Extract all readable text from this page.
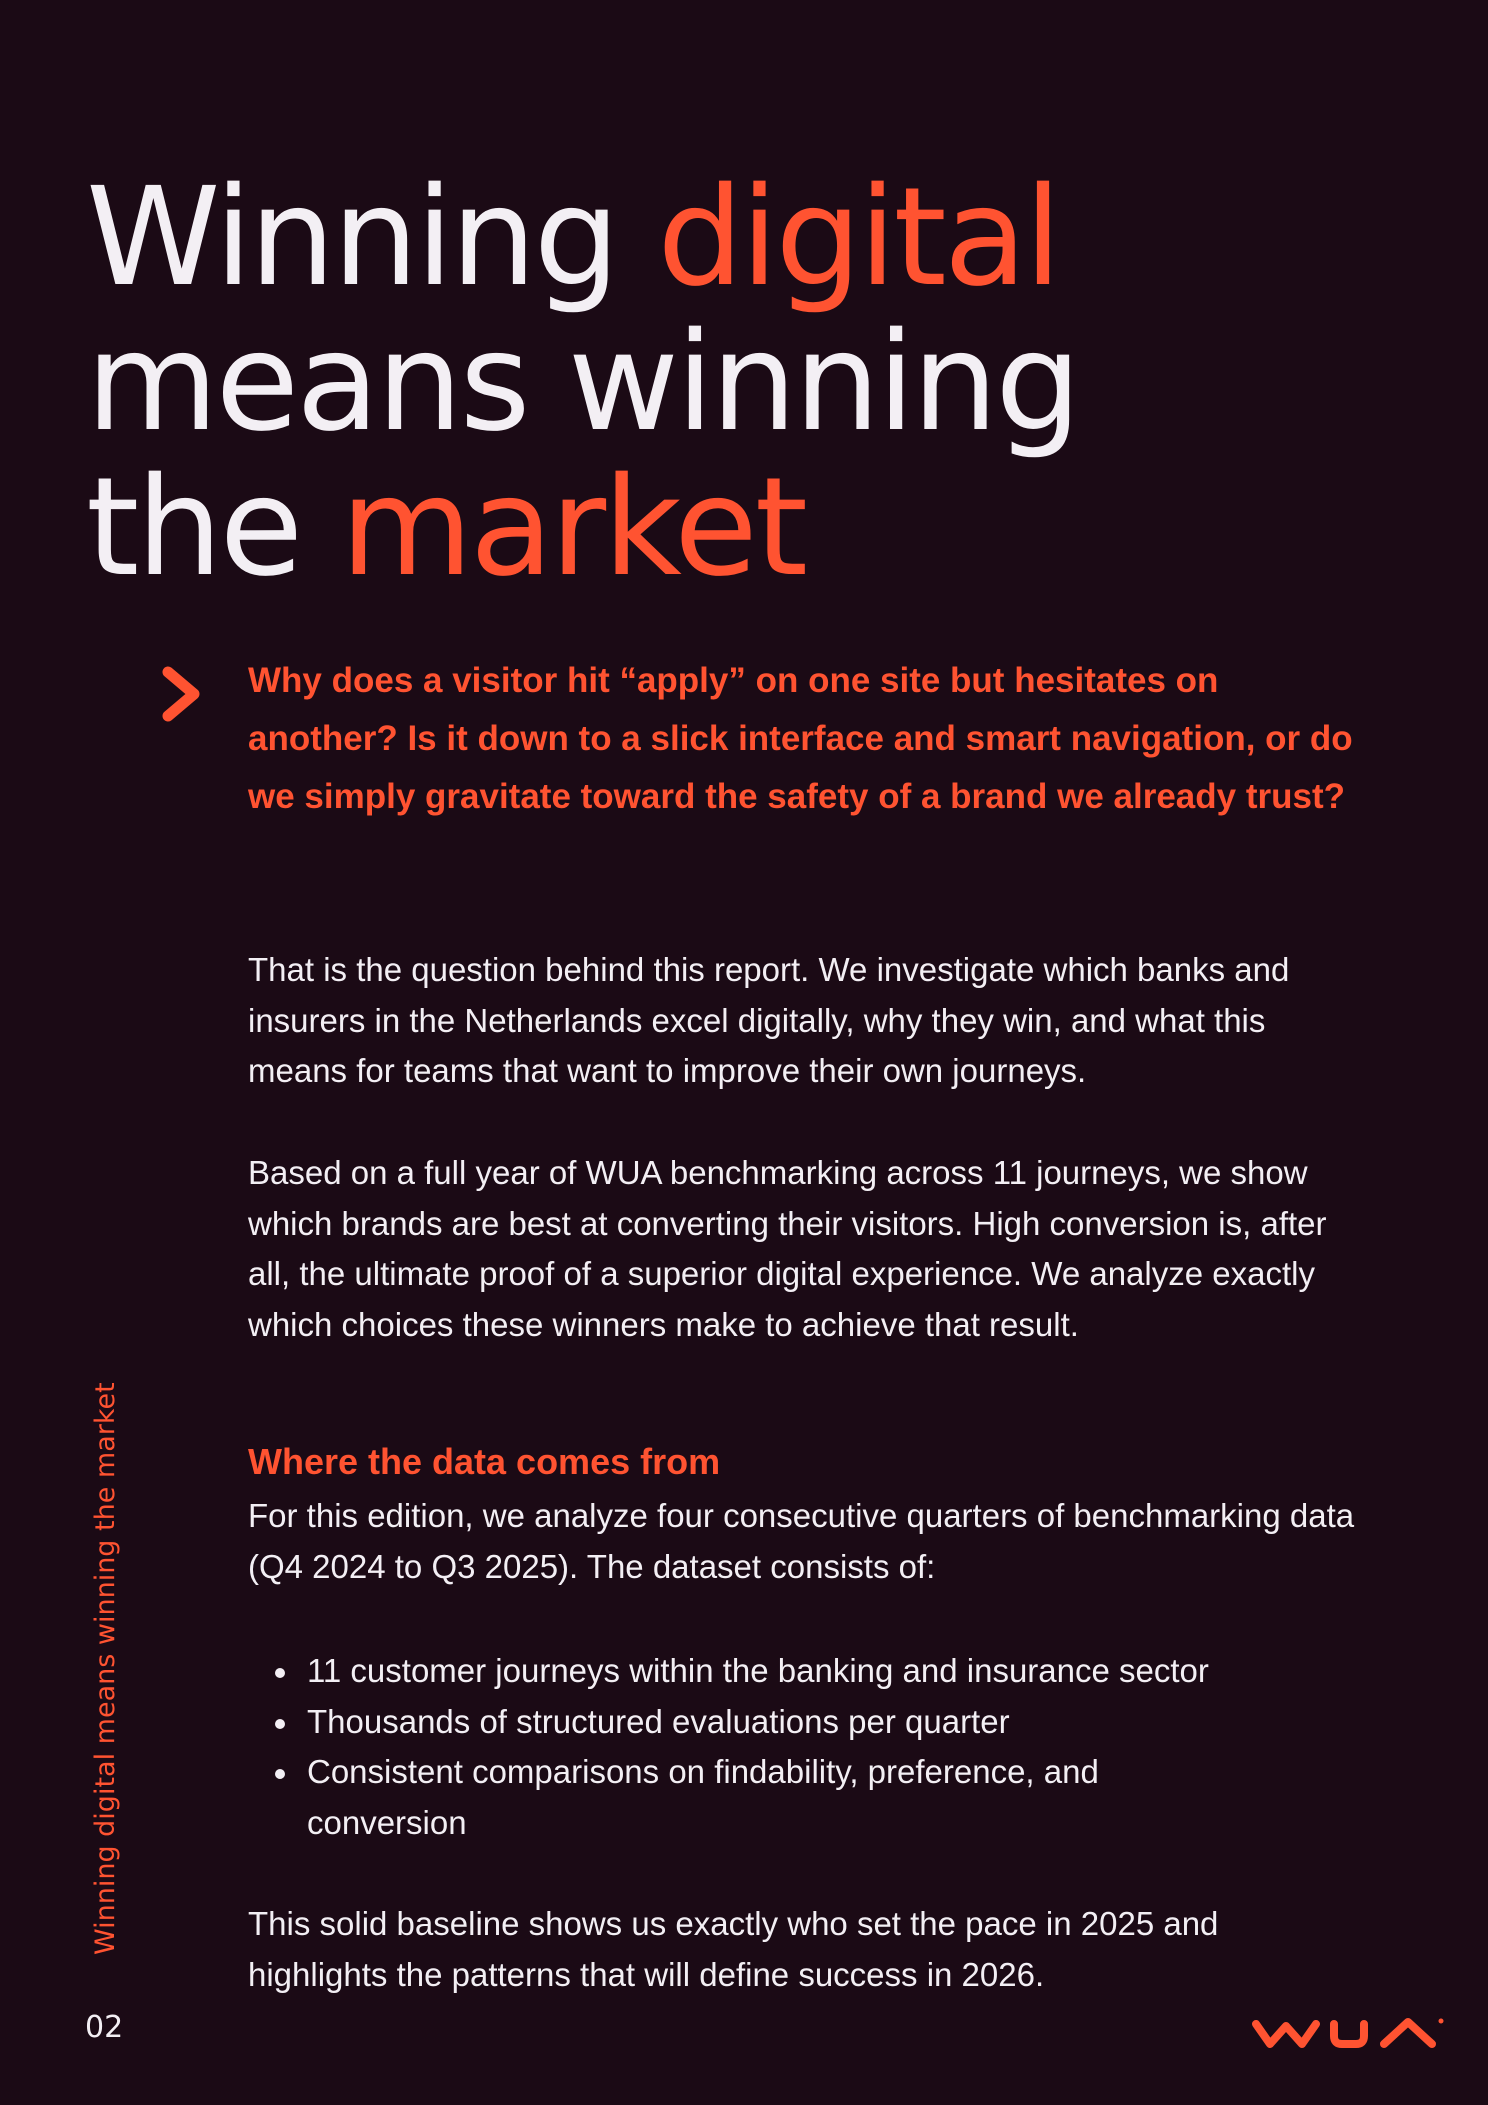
Winning digital
means winning
the market

Why does a visitor hit “apply” on one site but hesitates on another? Is it down to a slick interface and smart navigation, or do we simply gravitate toward the safety of a brand we already trust?

That is the question behind this report. We investigate which banks and insurers in the Netherlands excel digitally, why they win, and what this means for teams that want to improve their own journeys.

Based on a full year of WUA benchmarking across 11 journeys, we show which brands are best at converting their visitors. High conversion is, after all, the ultimate proof of a superior digital experience. We analyze exactly which choices these winners make to achieve that result.

Where the data comes from

For this edition, we analyze four consecutive quarters of benchmarking data (Q4 2024 to Q3 2025). The dataset consists of:

11 customer journeys within the banking and insurance sector
Thousands of structured evaluations per quarter
Consistent comparisons on findability, preference, and conversion

This solid baseline shows us exactly who set the pace in 2025 and highlights the patterns that will define success in 2026.

Winning digital means winning the market
02
